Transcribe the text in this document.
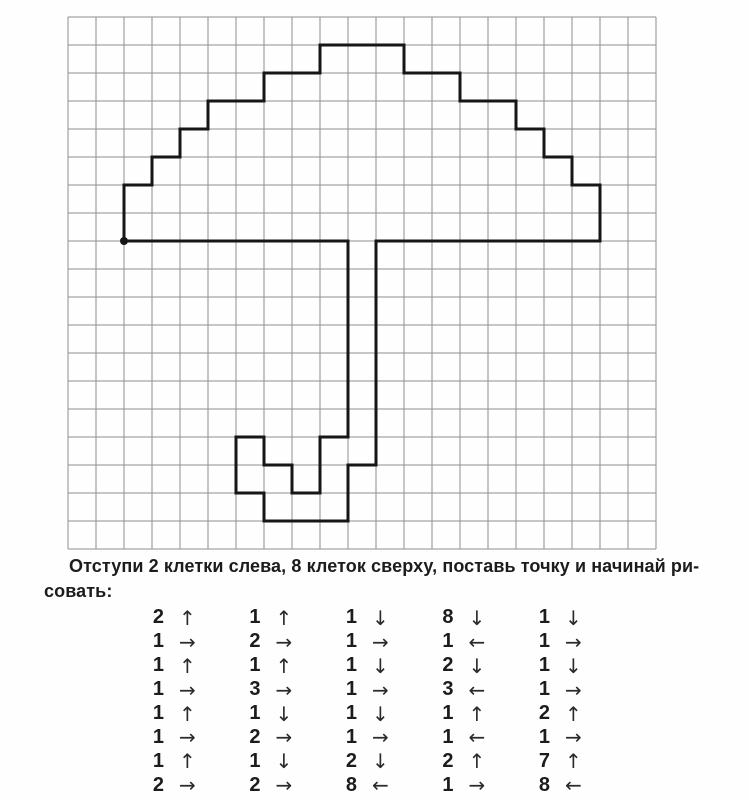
Отступи 2 клетки слева, 8 клеток сверху, поставь точку и начинай ри-
совать:
2 ↑
1 →
1 ↑
1 →
1 ↑
1 →
1 ↑
2 →
1 ↑
2 →
1 ↑
3 →
1 ↓
2 →
1 ↓
2 →
1 ↓
1 →
1 ↓
1 →
1 ↓
1 →
2 ↓
8 ←
8 ↓
1 ←
2 ↓
3 ←
1 ↑
1 ←
2 ↑
1 →
1 ↓
1 →
1 ↓
1 →
2 ↑
1 →
7 ↑
8 ←
